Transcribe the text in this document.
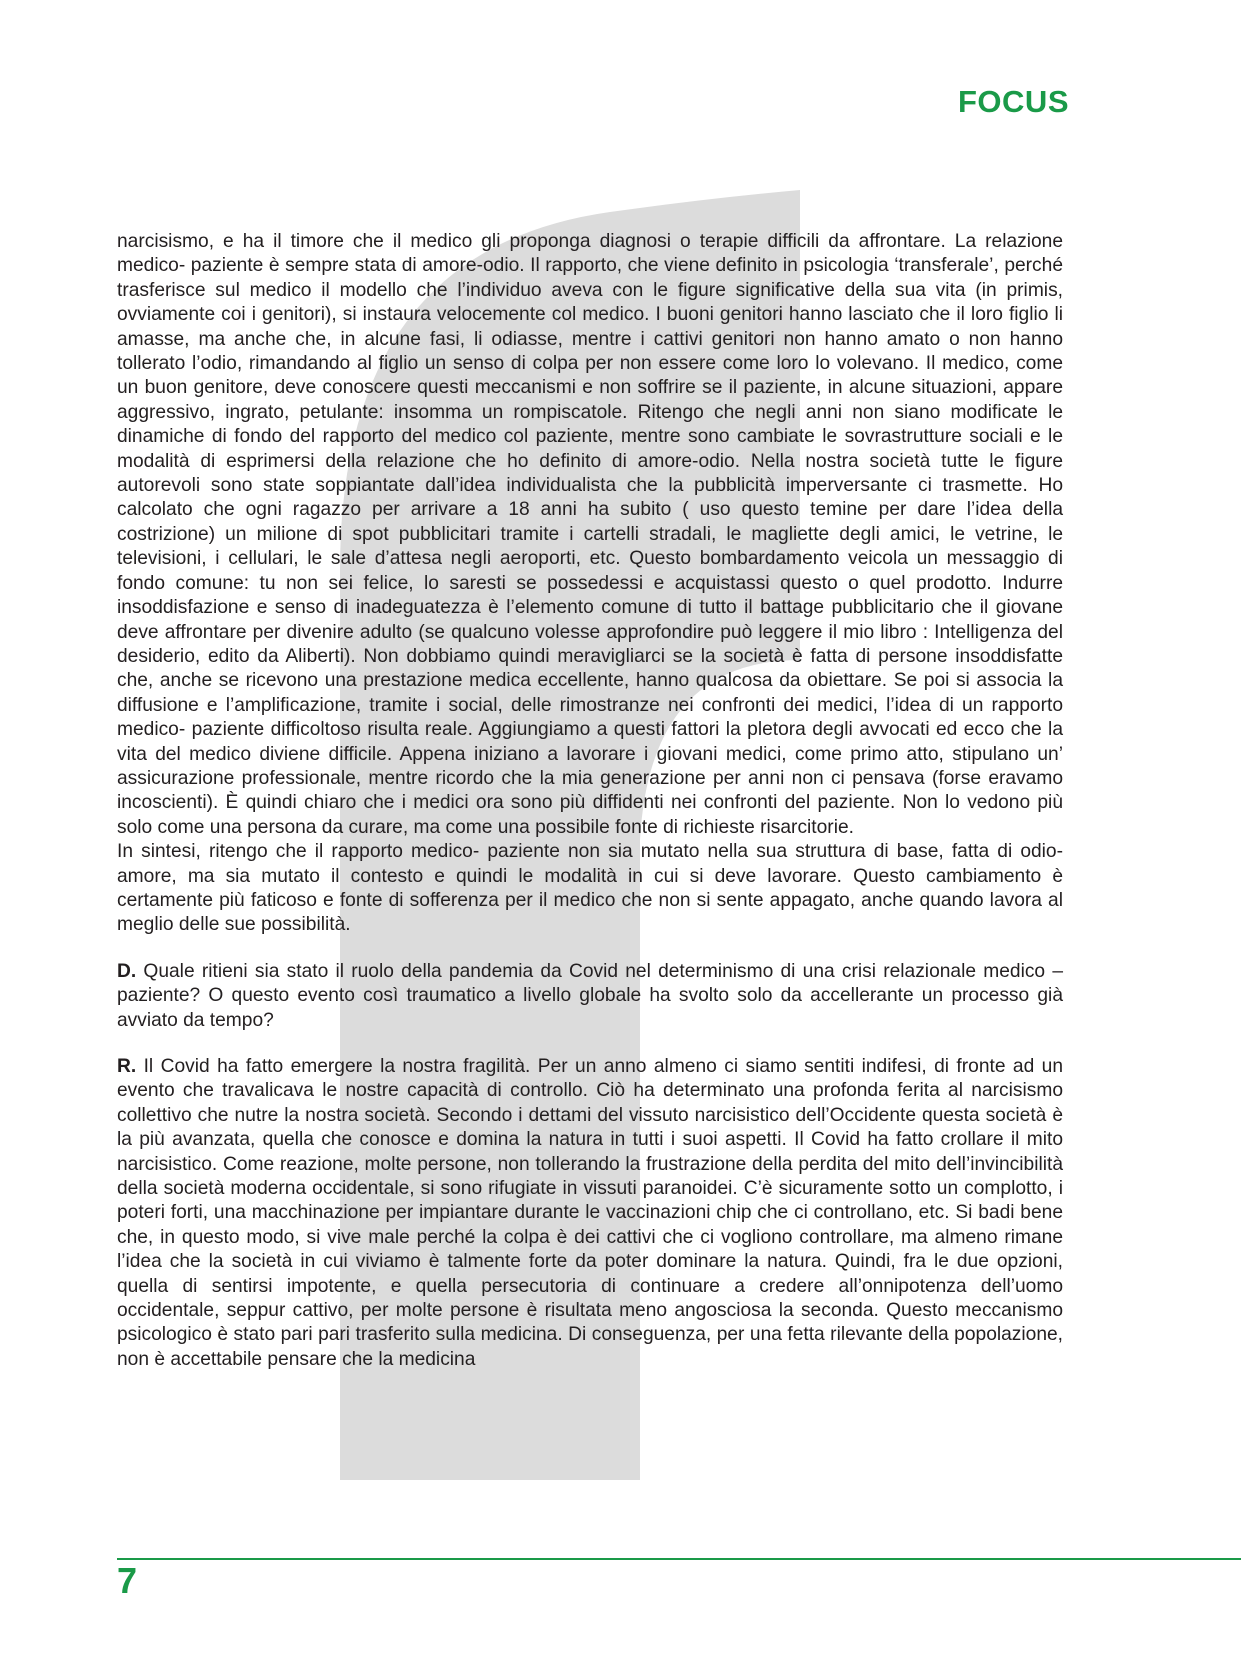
FOCUS

narcisismo, e ha il timore che il medico gli proponga diagnosi o terapie difficili da affrontare. La relazione medico- paziente è sempre stata di amore-odio. Il rapporto, che viene definito in psicologia ‘transferale’, perché trasferisce sul medico il modello che l’individuo aveva con le figure significative della sua vita (in primis, ovviamente coi i genitori), si instaura velocemente col medico. I buoni genitori hanno lasciato che il loro figlio li amasse, ma anche che, in alcune fasi, li odiasse, mentre i cattivi genitori non hanno amato o non hanno tollerato l’odio, rimandando al figlio un senso di colpa per non essere come loro lo volevano. Il medico, come un buon genitore, deve conoscere questi meccanismi e non soffrire se il paziente, in alcune situazioni, appare aggressivo, ingrato, petulante: insomma un rompiscatole. Ritengo che negli anni non siano modificate le dinamiche di fondo del rapporto del medico col paziente, mentre sono cambiate le sovrastrutture sociali e le modalità di esprimersi della relazione che ho definito di amore-odio. Nella nostra società tutte le figure autorevoli sono state soppiantate dall’idea individualista che la pubblicità imperversante ci trasmette. Ho calcolato che ogni ragazzo per arrivare a 18 anni ha subito ( uso questo temine per dare l’idea della costrizione) un milione di spot pubblicitari tramite i cartelli stradali, le magliette degli amici, le vetrine, le televisioni, i cellulari, le sale d’attesa negli aeroporti, etc. Questo bombardamento veicola un messaggio di fondo comune: tu non sei felice, lo saresti se possedessi e acquistassi questo o quel prodotto. Indurre insoddisfazione e senso di inadeguatezza è l’elemento comune di tutto il battage pubblicitario che il giovane deve affrontare per divenire adulto (se qualcuno volesse approfondire può leggere il mio libro : Intelligenza del desiderio, edito da Aliberti). Non dobbiamo quindi meravigliarci se la società è fatta di persone insoddisfatte che, anche se ricevono una prestazione medica eccellente, hanno qualcosa da obiettare. Se poi si associa la diffusione e l’amplificazione, tramite i social, delle rimostranze nei confronti dei medici, l’idea di un rapporto medico- paziente difficoltoso risulta reale. Aggiungiamo a questi fattori la pletora degli avvocati ed ecco che la vita del medico diviene difficile. Appena iniziano a lavorare i giovani medici, come primo atto, stipulano un’ assicurazione professionale, mentre ricordo che la mia generazione per anni non ci pensava (forse eravamo incoscienti). È quindi chiaro che i medici ora sono più diffidenti nei confronti del paziente. Non lo vedono più solo come una persona da curare, ma come una possibile fonte di richieste risarcitorie.

In sintesi, ritengo che il rapporto medico- paziente non sia mutato nella sua struttura di base, fatta di odio-amore, ma sia mutato il contesto e quindi le modalità in cui si deve lavorare. Questo cambiamento è certamente più faticoso e fonte di sofferenza per il medico che non si sente appagato, anche quando lavora al meglio delle sue possibilità.

D. Quale ritieni sia stato il ruolo della pandemia da Covid nel determinismo di una crisi relazionale medico – paziente? O questo evento così traumatico a livello globale ha svolto solo da accellerante un processo già avviato da tempo?

R. Il Covid ha fatto emergere la nostra fragilità. Per un anno almeno ci siamo sentiti indifesi, di fronte ad un evento che travalicava le nostre capacità di controllo. Ciò ha determinato una profonda ferita al narcisismo collettivo che nutre la nostra società. Secondo i dettami del vissuto narcisistico dell’Occidente questa società è la più avanzata, quella che conosce e domina la natura in tutti i suoi aspetti. Il Covid ha fatto crollare il mito narcisistico. Come reazione, molte persone, non tollerando la frustrazione della perdita del mito dell’invincibilità della società moderna occidentale, si sono rifugiate in vissuti paranoidei. C’è sicuramente sotto un complotto, i poteri forti, una macchinazione per impiantare durante le vaccinazioni chip che ci controllano, etc. Si badi bene che, in questo modo, si vive male perché la colpa è dei cattivi che ci vogliono controllare, ma almeno rimane l’idea che la società in cui viviamo è talmente forte da poter dominare la natura. Quindi, fra le due opzioni, quella di sentirsi impotente, e quella persecutoria di continuare a credere all’onnipotenza dell’uomo occidentale, seppur cattivo, per molte persone è risultata meno angosciosa la seconda. Questo meccanismo psicologico è stato pari pari trasferito sulla medicina. Di conseguenza, per una fetta rilevante della popolazione, non è accettabile pensare che la medicina

7
